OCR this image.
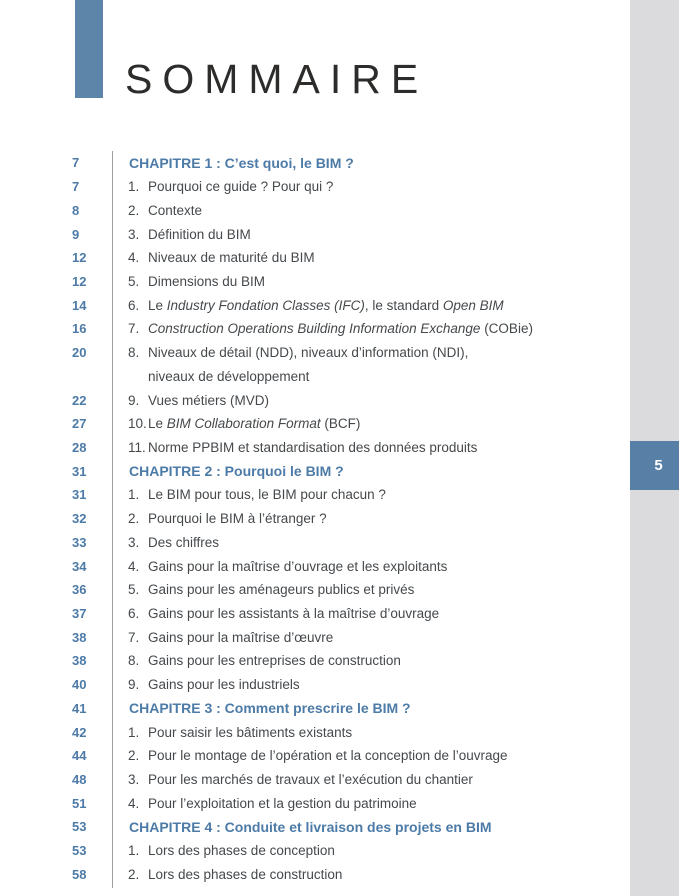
SOMMAIRE
5
7	CHAPITRE 1 : C’est quoi, le BIM ?
7	1. Pourquoi ce guide ? Pour qui ?
8	2. Contexte
9	3. Définition du BIM
12	4. Niveaux de maturité du BIM
12	5. Dimensions du BIM
14	6. Le Industry Fondation Classes (IFC), le standard Open BIM
16	7. Construction Operations Building Information Exchange (COBie)
20	8. Niveaux de détail (NDD), niveaux d’information (NDI),
niveaux de développement
22	9. Vues métiers (MVD)
27	10. Le BIM Collaboration Format (BCF)
28	11. Norme PPBIM et standardisation des données produits
31	CHAPITRE 2 : Pourquoi le BIM ?
31	1. Le BIM pour tous, le BIM pour chacun ?
32	2. Pourquoi le BIM à l’étranger ?
33	3. Des chiffres
34	4. Gains pour la maîtrise d’ouvrage et les exploitants
36	5. Gains pour les aménageurs publics et privés
37	6. Gains pour les assistants à la maîtrise d’ouvrage
38	7. Gains pour la maîtrise d’œuvre
38	8. Gains pour les entreprises de construction
40	9. Gains pour les industriels
41	CHAPITRE 3 : Comment prescrire le BIM ?
42	1. Pour saisir les bâtiments existants
44	2. Pour le montage de l’opération et la conception de l’ouvrage
48	3. Pour les marchés de travaux et l’exécution du chantier
51	4. Pour l’exploitation et la gestion du patrimoine
53	CHAPITRE 4 : Conduite et livraison des projets en BIM
53	1. Lors des phases de conception
58	2. Lors des phases de construction
